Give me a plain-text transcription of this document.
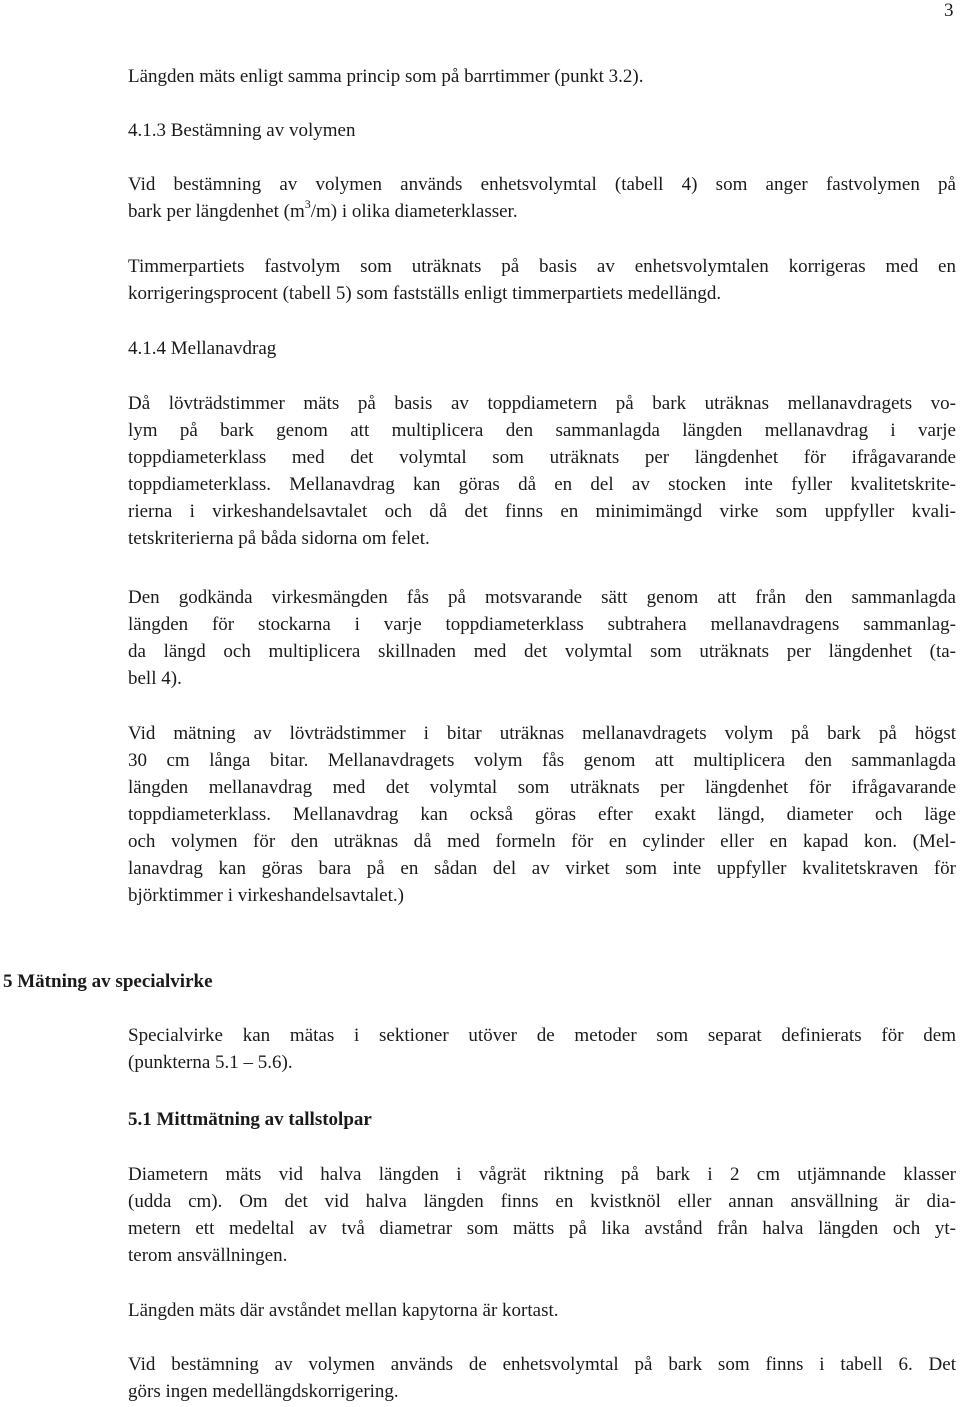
3

Längden mäts enligt samma princip som på barrtimmer (punkt 3.2).

4.1.3 Bestämning av volymen

Vid bestämning av volymen används enhetsvolymtal (tabell 4) som anger fastvolymen på
bark per längdenhet $(m^3/m)$ i olika diameterklasser.

Timmerpartiets fastvolym som uträknats på basis av enhetsvolymtalen korrigeras med en
korrigeringsprocent (tabell 5) som fastställs enligt timmerpartiets medellängd.

4.1.4 Mellanavdrag

Då lövträdstimmer mäts på basis av toppdiametern på bark uträknas mellanavdragets vo-
lym på bark genom att multiplicera den sammanlagda längden mellanavdrag i varje
toppdiameterklass med det volymtal som uträknats per längdenhet för ifrågavarande
toppdiameterklass. Mellanavdrag kan göras då en del av stocken inte fyller kvalitetskrite-
rierna i virkeshandelsavtalet och då det finns en minimimängd virke som uppfyller kvali-
tetskriterierna på båda sidorna om felet.

Den godkända virkesmängden fås på motsvarande sätt genom att från den sammanlagda
längden för stockarna i varje toppdiameterklass subtrahera mellanavdragens sammanlag-
da längd och multiplicera skillnaden med det volymtal som uträknats per längdenhet (ta-
bell 4).

Vid mätning av lövträdstimmer i bitar uträknas mellanavdragets volym på bark på högst
30 cm långa bitar. Mellanavdragets volym fås genom att multiplicera den sammanlagda
längden mellanavdrag med det volymtal som uträknats per längdenhet för ifrågavarande
toppdiameterklass. Mellanavdrag kan också göras efter exakt längd, diameter och läge
och volymen för den uträknas då med formeln för en cylinder eller en kapad kon. (Mel-
lanavdrag kan göras bara på en sådan del av virket som inte uppfyller kvalitetskraven för
björktimmer i virkeshandelsavtalet.)

5 Mätning av specialvirke

Specialvirke kan mätas i sektioner utöver de metoder som separat definierats för dem
(punkterna 5.1 – 5.6).

5.1 Mittmätning av tallstolpar

Diametern mäts vid halva längden i vågrät riktning på bark i 2 cm utjämnande klasser
(udda cm). Om det vid halva längden finns en kvistknöl eller annan ansvällning är dia-
metern ett medeltal av två diametrar som mätts på lika avstånd från halva längden och yt-
terom ansvällningen.

Längden mäts där avståndet mellan kapytorna är kortast.

Vid bestämning av volymen används de enhetsvolymtal på bark som finns i tabell 6. Det
görs ingen medellängdskorrigering.
